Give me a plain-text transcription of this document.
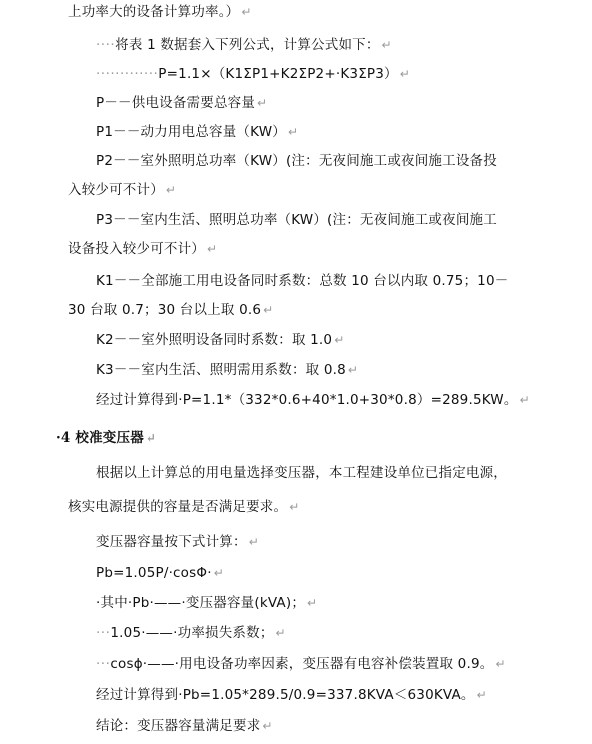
上功率大的设备计算功率。） ↵
····将表 1 数据套入下列公式，计算公式如下： ↵
·············P=1.1×（K1ΣP1+K2ΣP2+·K3ΣP3） ↵
P－－供电设备需要总容量 ↵
P1－－动力用电总容量（KW） ↵
P2－－室外照明总功率（KW）(注：无夜间施工或夜间施工设备投
入较少可不计） ↵
P3－－室内生活、照明总功率（KW）(注：无夜间施工或夜间施工
设备投入较少可不计） ↵
K1－－全部施工用电设备同时系数：总数 10 台以内取 0.75；10－
30 台取 0.7；30 台以上取 0.6 ↵
K2－－室外照明设备同时系数：取 1.0 ↵
K3－－室内生活、照明需用系数：取 0.8 ↵
经过计算得到·P=1.1*（332*0.6+40*1.0+30*0.8）=289.5KW。 ↵
·4 校准变压器 ↵
根据以上计算总的用电量选择变压器，本工程建设单位已指定电源，
核实电源提供的容量是否满足要求。 ↵
变压器容量按下式计算： ↵
Pb=1.05P/·cosΦ· ↵
·其中·Pb·——·变压器容量(kVA)； ↵
···1.05·——·功率损失系数； ↵
···cosϕ·——·用电设备功率因素，变压器有电容补偿装置取 0.9。 ↵
经过计算得到·Pb=1.05*289.5/0.9=337.8KVA＜630KVA。 ↵
结论：变压器容量满足要求 ↵
